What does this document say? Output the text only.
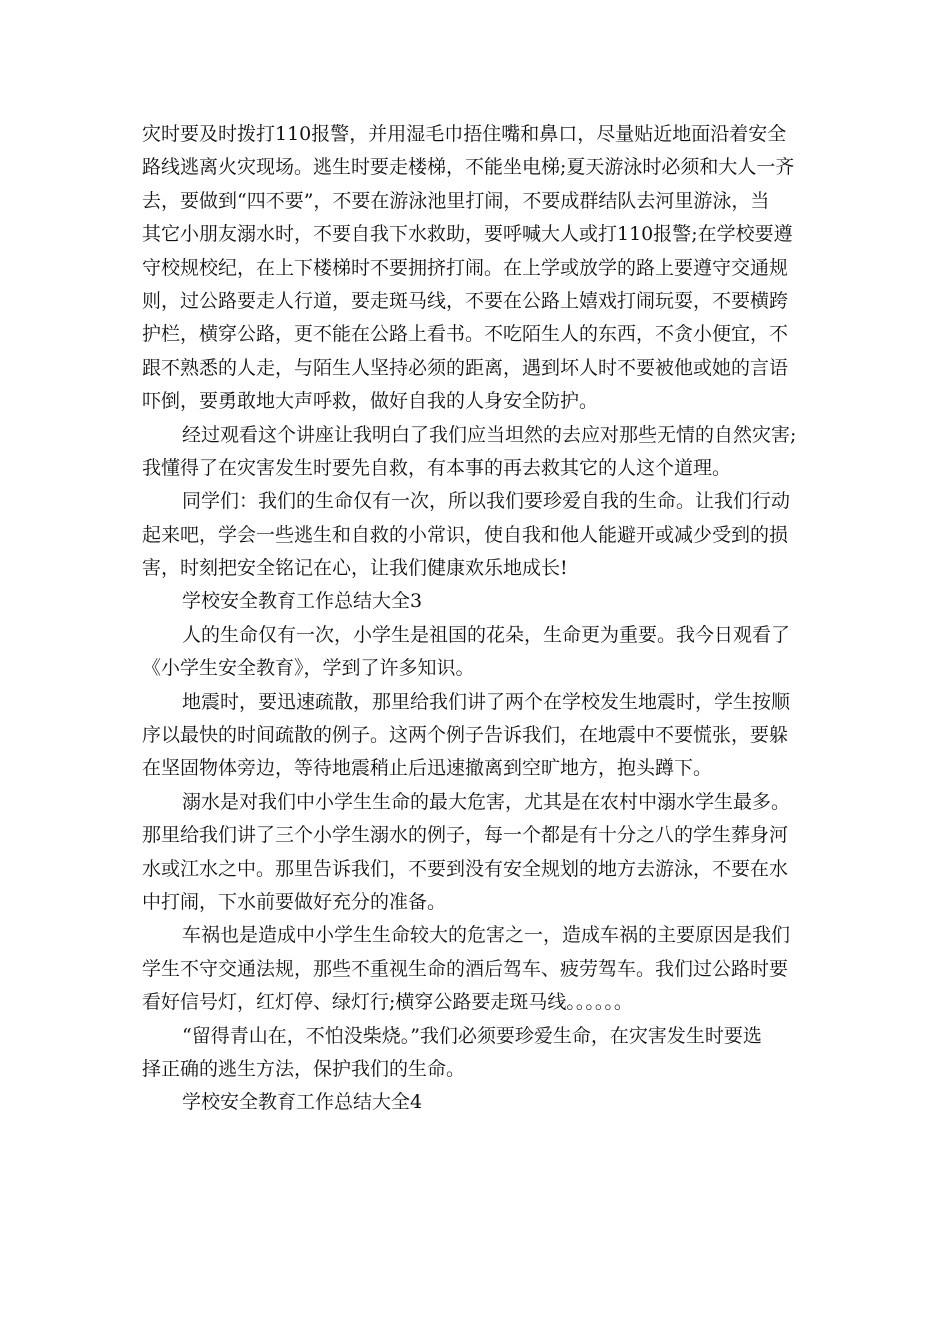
灾时要及时拨打110报警，并用湿毛巾捂住嘴和鼻口，尽量贴近地面沿着安全
路线逃离火灾现场。逃生时要走楼梯，不能坐电梯;夏天游泳时必须和大人一齐
去，要做到“四不要”，不要在游泳池里打闹，不要成群结队去河里游泳，当
其它小朋友溺水时，不要自我下水救助，要呼喊大人或打110报警;在学校要遵
守校规校纪，在上下楼梯时不要拥挤打闹。在上学或放学的路上要遵守交通规
则，过公路要走人行道，要走斑马线，不要在公路上嬉戏打闹玩耍，不要横跨
护栏，横穿公路，更不能在公路上看书。不吃陌生人的东西，不贪小便宜，不
跟不熟悉的人走，与陌生人坚持必须的距离，遇到坏人时不要被他或她的言语
吓倒，要勇敢地大声呼救，做好自我的人身安全防护。
经过观看这个讲座让我明白了我们应当坦然的去应对那些无情的自然灾害;
我懂得了在灾害发生时要先自救，有本事的再去救其它的人这个道理。
同学们：我们的生命仅有一次，所以我们要珍爱自我的生命。让我们行动
起来吧，学会一些逃生和自救的小常识，使自我和他人能避开或减少受到的损
害，时刻把安全铭记在心，让我们健康欢乐地成长!
学校安全教育工作总结大全3
人的生命仅有一次，小学生是祖国的花朵，生命更为重要。我今日观看了
《小学生安全教育》，学到了许多知识。
地震时，要迅速疏散，那里给我们讲了两个在学校发生地震时，学生按顺
序以最快的时间疏散的例子。这两个例子告诉我们，在地震中不要慌张，要躲
在坚固物体旁边，等待地震稍止后迅速撤离到空旷地方，抱头蹲下。
溺水是对我们中小学生生命的最大危害，尤其是在农村中溺水学生最多。
那里给我们讲了三个小学生溺水的例子，每一个都是有十分之八的学生葬身河
水或江水之中。那里告诉我们，不要到没有安全规划的地方去游泳，不要在水
中打闹，下水前要做好充分的准备。
车祸也是造成中小学生生命较大的危害之一，造成车祸的主要原因是我们
学生不守交通法规，那些不重视生命的酒后驾车、疲劳驾车。我们过公路时要
看好信号灯，红灯停、绿灯行;横穿公路要走斑马线。。。。。。
“留得青山在，不怕没柴烧。”我们必须要珍爱生命，在灾害发生时要选
择正确的逃生方法，保护我们的生命。
学校安全教育工作总结大全4
